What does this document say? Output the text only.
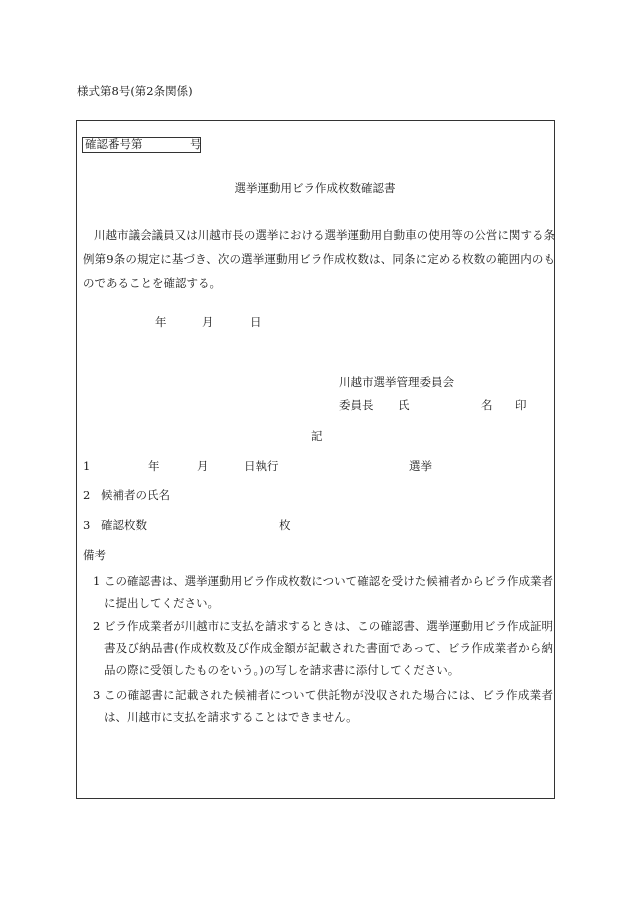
様式第8号(第2条関係)
確認番号第	号
選挙運動用ビラ作成枚数確認書
川越市議会議員又は川越市長の選挙における選挙運動用自動車の使用等の公営に関する条例第9条の規定に基づき、次の選挙運動用ビラ作成枚数は、同条に定める枚数の範囲内のものであることを確認する。
年	月	日
川越市選挙管理委員会
委員長 氏	名 印
記
1	年	月	日執行	選挙
2 候補者の氏名
3 確認枚数	枚
備考
1 この確認書は、選挙運動用ビラ作成枚数について確認を受けた候補者からビラ作成業者に提出してください。
2 ビラ作成業者が川越市に支払を請求するときは、この確認書、選挙運動用ビラ作成証明書及び納品書(作成枚数及び作成金額が記載された書面であって、ビラ作成業者から納品の際に受領したものをいう。)の写しを請求書に添付してください。
3 この確認書に記載された候補者について供託物が没収された場合には、ビラ作成業者は、川越市に支払を請求することはできません。
